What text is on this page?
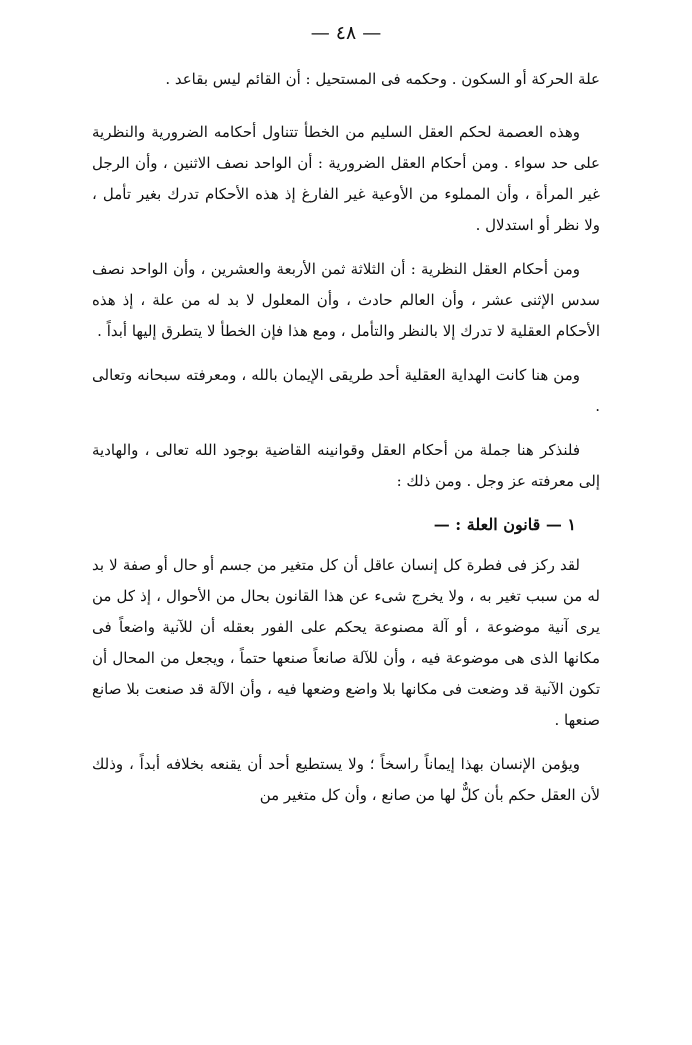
— ٤٨ —

علة الحركة أو السكون . وحكمه فى المستحيل : أن القائم ليس بقاعد .

وهذه العصمة لحكم العقل السليم من الخطأ تتناول أحكامه الضرورية والنظرية على حد سواء . ومن أحكام العقل الضرورية : أن الواحد نصف الاثنين ، وأن الرجل غير المرأة ، وأن المملوء من الأوعية غير الفارغ إذ هذه الأحكام تدرك بغير تأمل ، ولا نظر أو استدلال .

ومن أحكام العقل النظرية : أن الثلاثة ثمن الأربعة والعشرين ، وأن الواحد نصف سدس الإثنى عشر ، وأن العالم حادث ، وأن المعلول لا بد له من علة ، إذ هذه الأحكام العقلية لا تدرك إلا بالنظر والتأمل ، ومع هذا فإن الخطأ لا يتطرق إليها أبداً .

ومن هنا كانت الهداية العقلية أحد طريقى الإيمان بالله ، ومعرفته سبحانه وتعالى .

فلنذكر هنا جملة من أحكام العقل وقوانينه القاضية بوجود الله تعالى ، والهادية إلى معرفته عز وجل . ومن ذلك :

١ — قانون العلة : —

لقد ركز فى فطرة كل إنسان عاقل أن كل متغير من جسم أو حال أو صفة لا بد له من سبب تغير به ، ولا يخرج شىء عن هذا القانون بحال من الأحوال ، إذ كل من يرى آنية موضوعة ، أو آلة مصنوعة يحكم على الفور بعقله أن للآنية واضعاً فى مكانها الذى هى موضوعة فيه ، وأن للآلة صانعاً صنعها حتماً ، ويجعل من المحال أن تكون الآنية قد وضعت فى مكانها بلا واضع وضعها فيه ، وأن الآلة قد صنعت بلا صانع صنعها .

ويؤمن الإنسان بهذا إيماناً راسخاً ؛ ولا يستطيع أحد أن يقنعه بخلافه أبداً ، وذلك لأن العقل حكم بأن كلٌّ لها من صانع ، وأن كل متغير من
